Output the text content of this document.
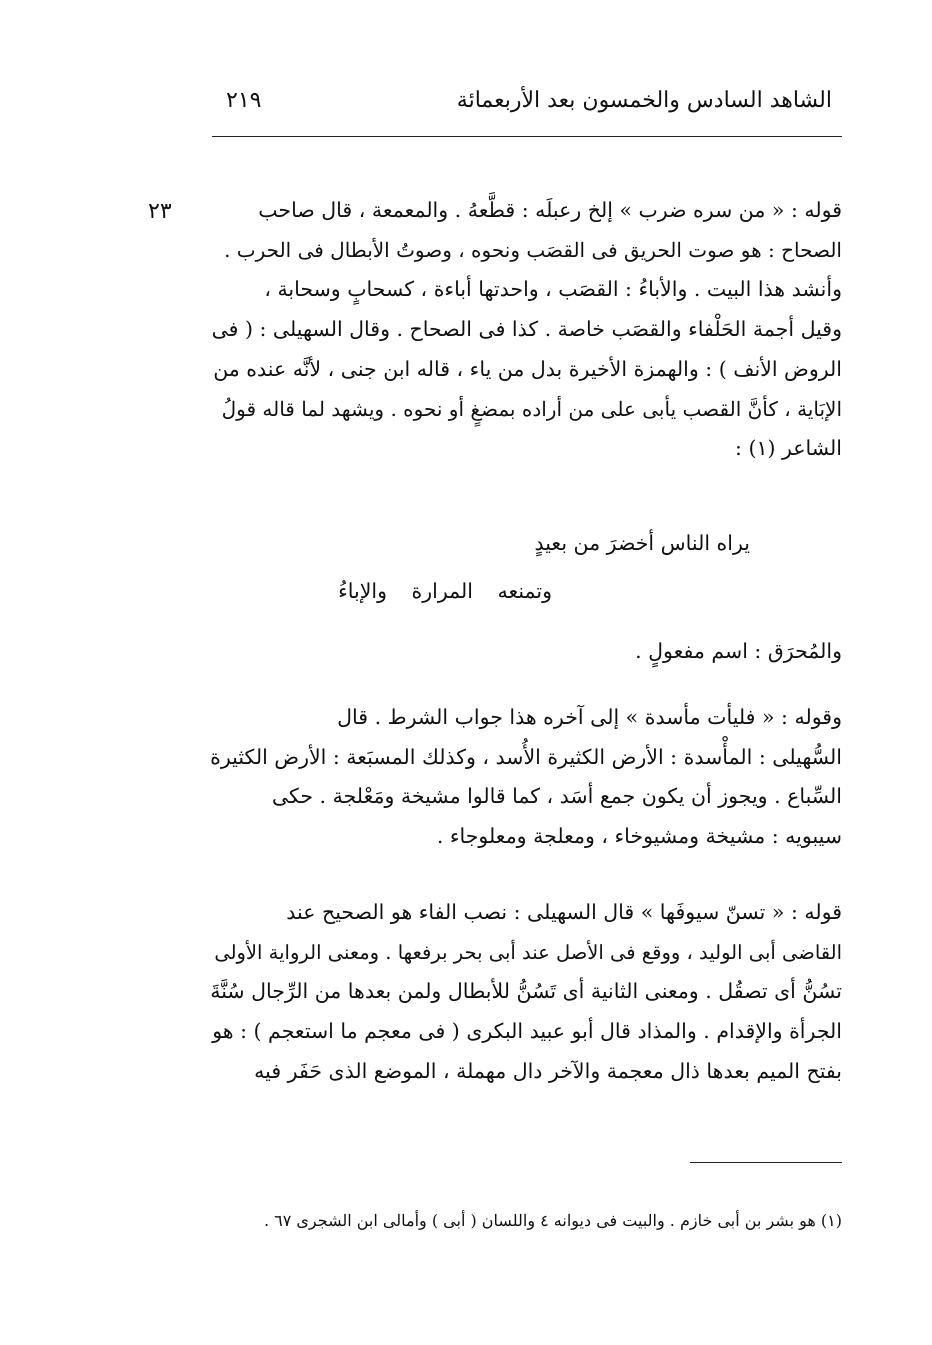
الشاهد السادس والخمسون بعد الأربعمائة
٢١٩
٢٣	قوله : « من سره ضرب » إلخ رعبلَه : قطَّعهُ . والمعمعة ، قال صاحب
الصحاح : هو صوت الحريق فى القصَب ونحوه ، وصوتُ الأبطال فى الحرب .
وأنشد هذا البيت . والأباءُ : القصَب ، واحدتها أباءة ، كسحابٍ وسحابة ،
وقيل أجمة الحَلْفاء والقصَب خاصة . كذا فى الصحاح . وقال السهيلى : ( فى
الروض الأنف ) : والهمزة الأخيرة بدل من ياء ، قاله ابن جنى ، لأنَّه عنده من
الإبَاية ، كأنَّ القصب يأبى على من أراده بمضغٍ أو نحوه . ويشهد لما قاله قولُ
الشاعر (١) :
يراه الناس أخضرَ من بعيدٍ
وتمنعه المرارة والإباءُ
والمُحرَق : اسم مفعولٍ .
وقوله : « فليأت مأسدة » إلى آخره هذا جواب الشرط . قال
السُّهيلى : المأْسدة : الأرض الكثيرة الأُسد ، وكذلك المسبَعة : الأرض الكثيرة
السِّباع . ويجوز أن يكون جمع أسَد ، كما قالوا مشيخة ومَعْلجة . حكى
سيبويه : مشيخة ومشيوخاء ، ومعلجة ومعلوجاء .
قوله : « تسنّ سيوفَها » قال السهيلى : نصب الفاء هو الصحيح عند
القاضى أبى الوليد ، ووقع فى الأصل عند أبى بحر برفعها . ومعنى الرواية الأولى
تسُنُّ أى تصقُل . ومعنى الثانية أى تَسُنُّ للأبطال ولمن بعدها من الرِّجال سُنَّةَ
الجرأة والإقدام . والمذاد قال أبو عبيد البكرى ( فى معجم ما استعجم ) : هو
بفتح الميم بعدها ذال معجمة والآخر دال مهملة ، الموضع الذى حَفَر فيه
(١) هو بشر بن أبى خازم . والبيت فى ديوانه ٤ واللسان ( أبى ) وأمالى ابن الشجرى ٦٧ .
